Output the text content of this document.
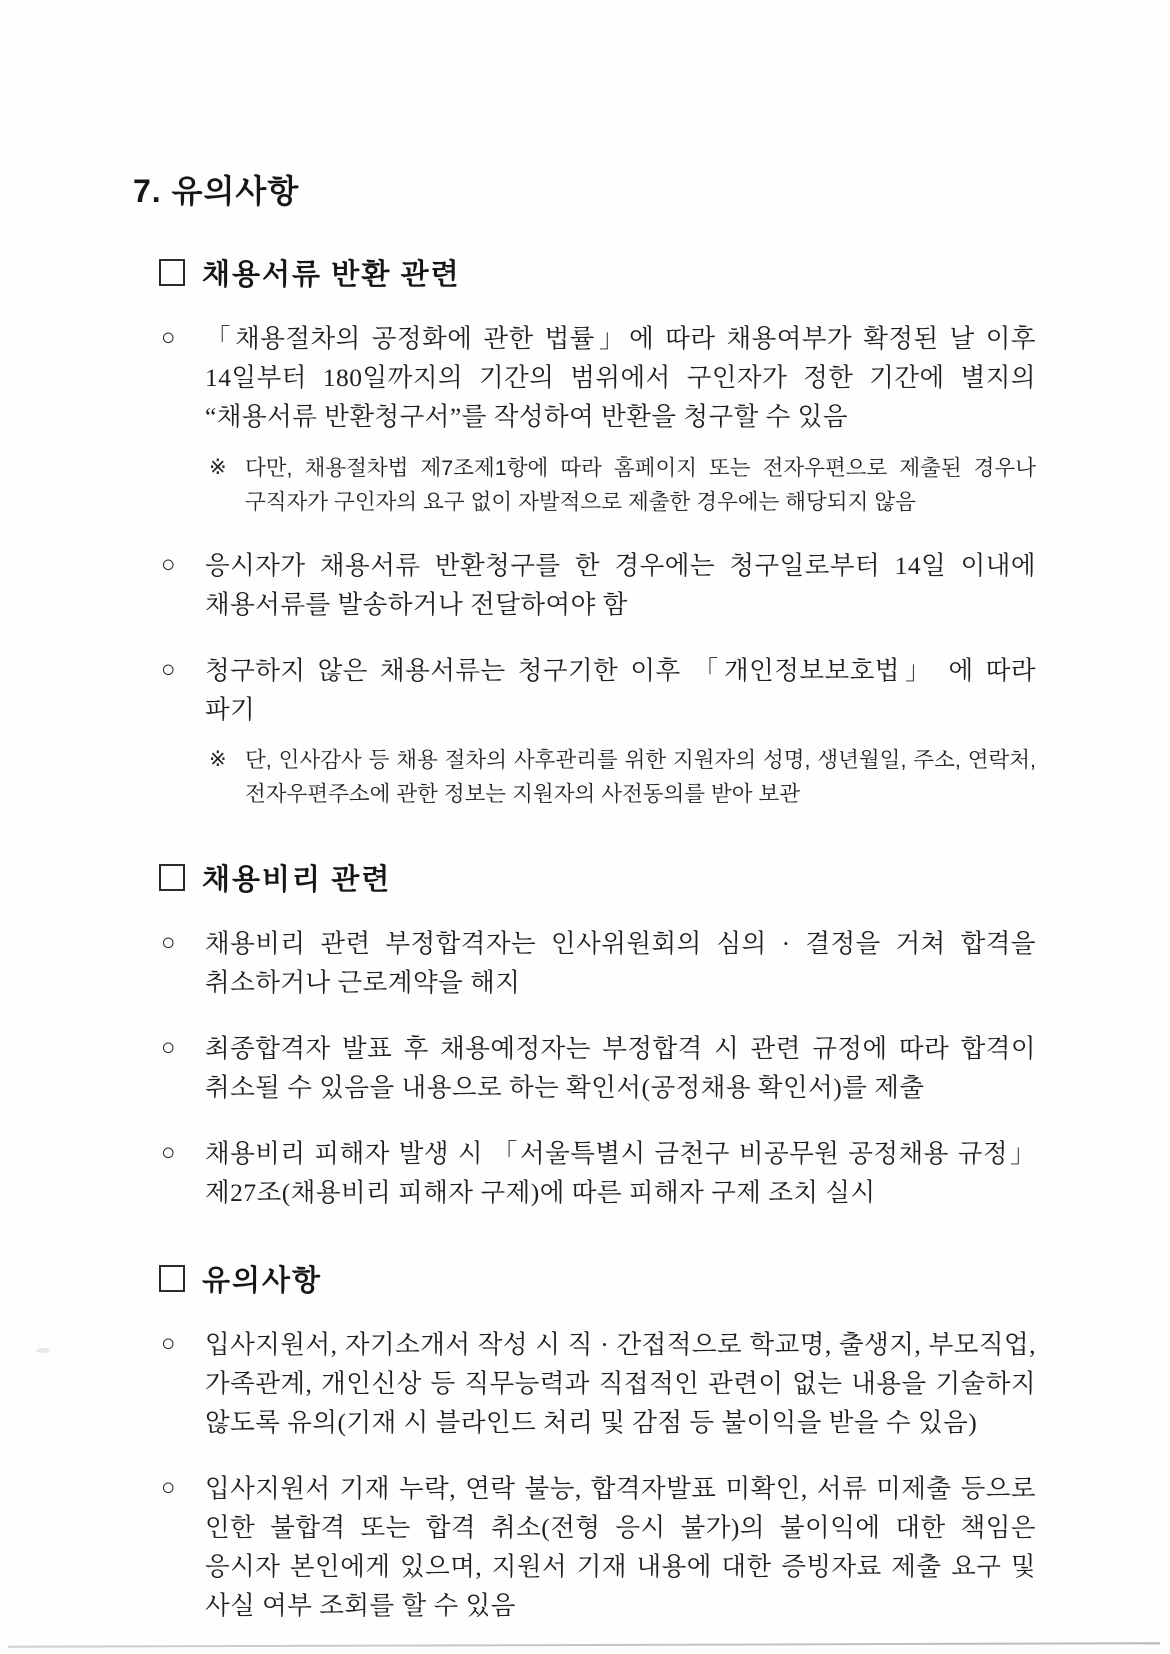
7. 유의사항
채용서류 반환 관련
○	「채용절차의 공정화에 관한 법률」에 따라 채용여부가 확정된 날 이후 14일부터 180일까지의 기간의 범위에서 구인자가 정한 기간에 별지의 “채용서류 반환청구서”를 작성하여 반환을 청구할 수 있음

※ 다만, 채용절차법 제7조제1항에 따라 홈페이지 또는 전자우편으로 제출된 경우나 구직자가 구인자의 요구 없이 자발적으로 제출한 경우에는 해당되지 않음

○	응시자가 채용서류 반환청구를 한 경우에는 청구일로부터 14일 이내에 채용서류를 발송하거나 전달하여야 함

○	청구하지 않은 채용서류는 청구기한 이후 「개인정보보호법」 에 따라 파기

※ 단, 인사감사 등 채용 절차의 사후관리를 위한 지원자의 성명, 생년월일, 주소, 연락처, 전자우편주소에 관한 정보는 지원자의 사전동의를 받아 보관

채용비리 관련
○	채용비리 관련 부정합격자는 인사위원회의 심의 · 결정을 거쳐 합격을 취소하거나 근로계약을 해지

○	최종합격자 발표 후 채용예정자는 부정합격 시 관련 규정에 따라 합격이 취소될 수 있음을 내용으로 하는 확인서(공정채용 확인서)를 제출

○	채용비리 피해자 발생 시 「서울특별시 금천구 비공무원 공정채용 규정」 제27조(채용비리 피해자 구제)에 따른 피해자 구제 조치 실시

유의사항
○	입사지원서, 자기소개서 작성 시 직 · 간접적으로 학교명, 출생지, 부모직업, 가족관계, 개인신상 등 직무능력과 직접적인 관련이 없는 내용을 기술하지 않도록 유의(기재 시 블라인드 처리 및 감점 등 불이익을 받을 수 있음)

○	입사지원서 기재 누락, 연락 불능, 합격자발표 미확인, 서류 미제출 등으로 인한 불합격 또는 합격 취소(전형 응시 불가)의 불이익에 대한 책임은 응시자 본인에게 있으며, 지원서 기재 내용에 대한 증빙자료 제출 요구 및 사실 여부 조회를 할 수 있음
